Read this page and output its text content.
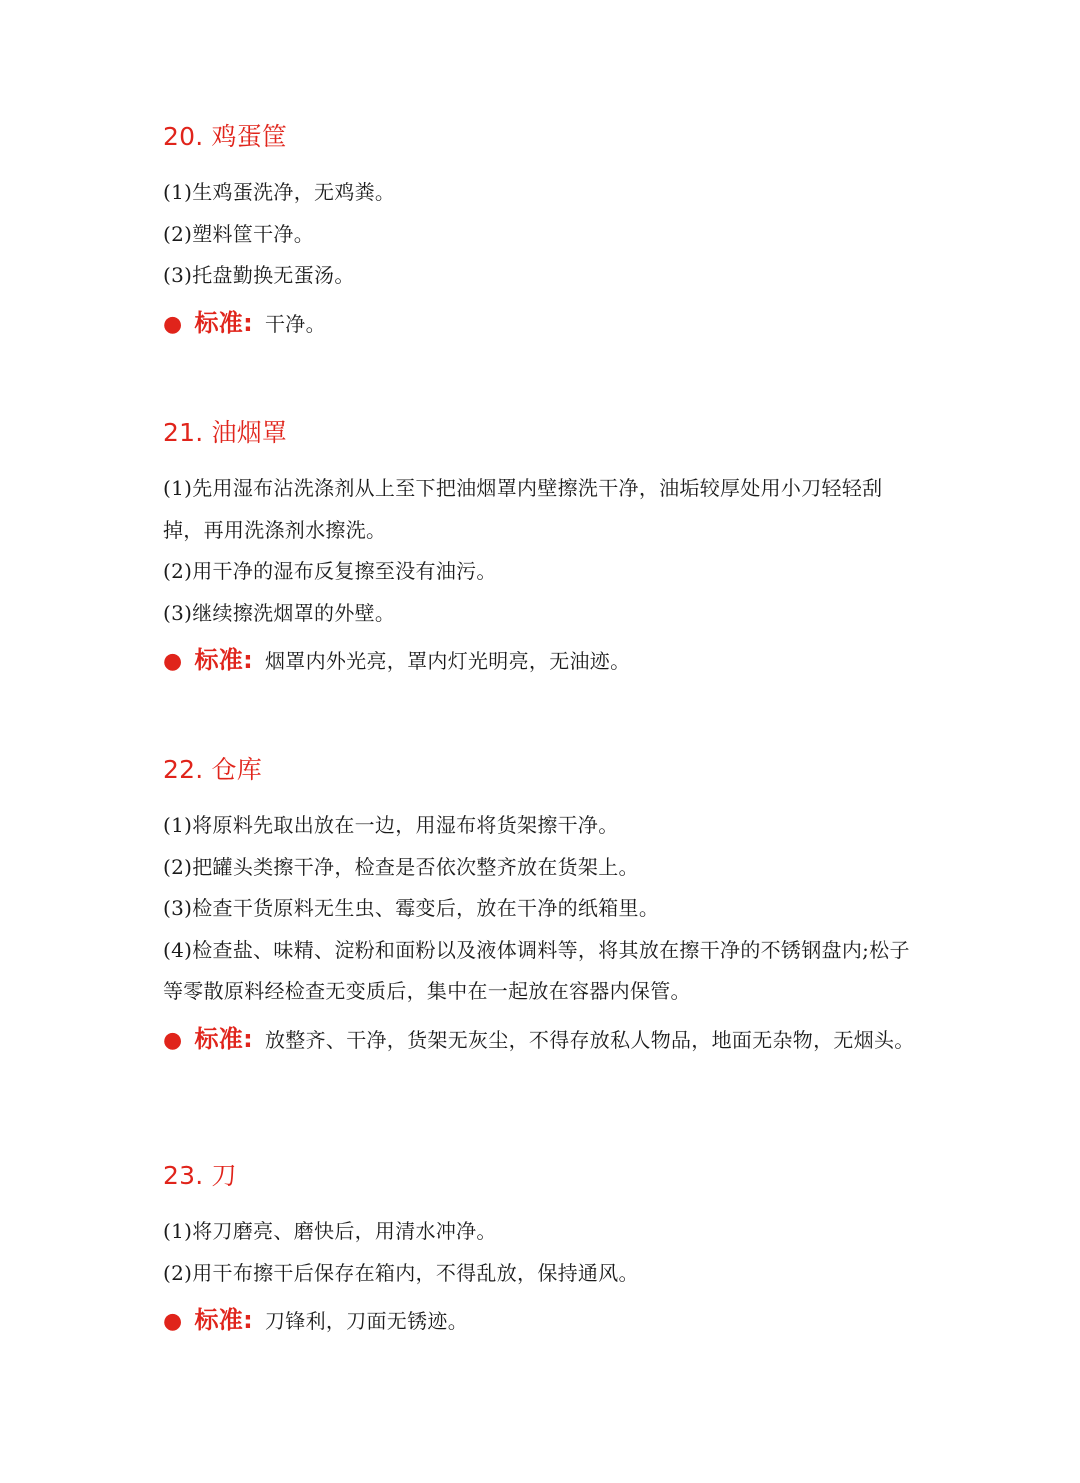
20. 鸡蛋筐
(1)生鸡蛋洗净，无鸡粪。
(2)塑料筐干净。
(3)托盘勤换无蛋汤。
● 标准: 干净。
21. 油烟罩
(1)先用湿布沾洗涤剂从上至下把油烟罩内壁擦洗干净，油垢较厚处用小刀轻轻刮掉，再用洗涤剂水擦洗。
(2)用干净的湿布反复擦至没有油污。
(3)继续擦洗烟罩的外壁。
● 标准: 烟罩内外光亮，罩内灯光明亮，无油迹。
22. 仓库
(1)将原料先取出放在一边，用湿布将货架擦干净。
(2)把罐头类擦干净，检查是否依次整齐放在货架上。
(3)检查干货原料无生虫、霉变后，放在干净的纸箱里。
(4)检查盐、味精、淀粉和面粉以及液体调料等，将其放在擦干净的不锈钢盘内;松子等零散原料经检查无变质后，集中在一起放在容器内保管。
● 标准: 放整齐、干净，货架无灰尘，不得存放私人物品，地面无杂物，无烟头。
23. 刀
(1)将刀磨亮、磨快后，用清水冲净。
(2)用干布擦干后保存在箱内，不得乱放，保持通风。
● 标准: 刀锋利，刀面无锈迹。
